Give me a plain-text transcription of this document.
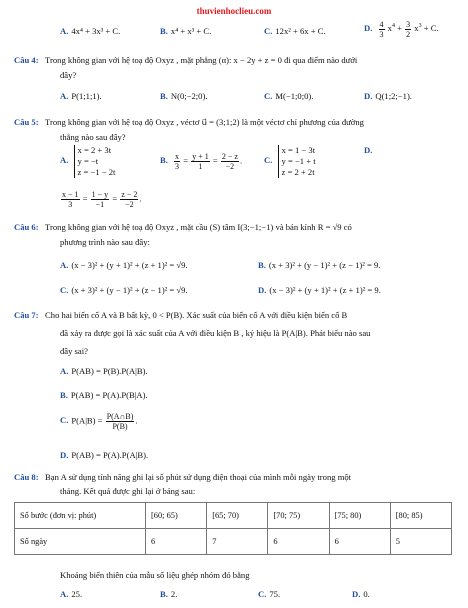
thuvienhoclieu.com
A. 4x⁴ + 3x³ + C.	B. x⁴ + x³ + C.	C. 12x² + 6x + C.	D. $\frac{4}{3} x^4 + \frac{3}{2} x^3 + C$.
Câu 4: Trong không gian với hệ toạ độ Oxyz , mặt phẳng (α): x − 2y + z = 0 đi qua điểm nào dưới
đây?
A. P(1;1;1).	B. N(0;−2;0).	C. M(−1;0;0).	D. Q(1;2;−1).
Câu 5: Trong không gian với hệ toạ độ Oxyz , véctơ u⃗ = (3;1;2) là một véctơ chỉ phương của đường
thẳng nào sau đây?
A.
x = 2 + 3t
y = −t
z = −1 − 2t
B. $\frac{x}{3} = \frac{y + 1}{1} = \frac{2 - z}{-2}$ .	C.
x = 1 − 3t
y = −1 + t
z = 2 + 2t
D.
$\frac{x - 1}{3} = \frac{1 - y}{-1} = \frac{z - 2}{-2}$ .
Câu 6: Trong không gian với hệ toạ độ Oxyz , mặt cầu (S) tâm I(3;−1;−1) và bán kính R = √9 có
phương trình nào sau đây:
A. (x − 3)² + (y + 1)² + (z + 1)² = √9.	B. (x + 3)² + (y − 1)² + (z − 1)² = 9.
C. (x + 3)² + (y − 1)² + (z − 1)² = √9.	D. (x − 3)² + (y + 1)² + (z + 1)² = 9.
Câu 7: Cho hai biến cố A và B bất kỳ, 0 < P(B). Xác suất của biến cố A với điều kiện biến cố B
đã xảy ra được gọi là xác suất của A với điều kiện B , ký hiệu là P(A|B). Phát biểu nào sau
đây sai?
A. P(AB) = P(B).P(A|B).
B. P(AB) = P(A).P(B|A).
C. $P(A|B) = \frac{P(A\cap B)}{P(B)}$ .
D. P(AB) = P(A).P(A|B).
Câu 8: Bạn A sử dụng tính năng ghi lại số phút sử dụng điện thoại của mình mỗi ngày trong một
tháng. Kết quả được ghi lại ở bảng sau:
Số bước (đơn vị: phút)	[60; 65)	[65; 70)	[70; 75)	[75; 80)	[80; 85)
Số ngày	6	7	6	6	5
Khoảng biến thiên của mẫu số liệu ghép nhóm đó bằng
A. 25.	B. 2.	C. 75.	D. 0.
